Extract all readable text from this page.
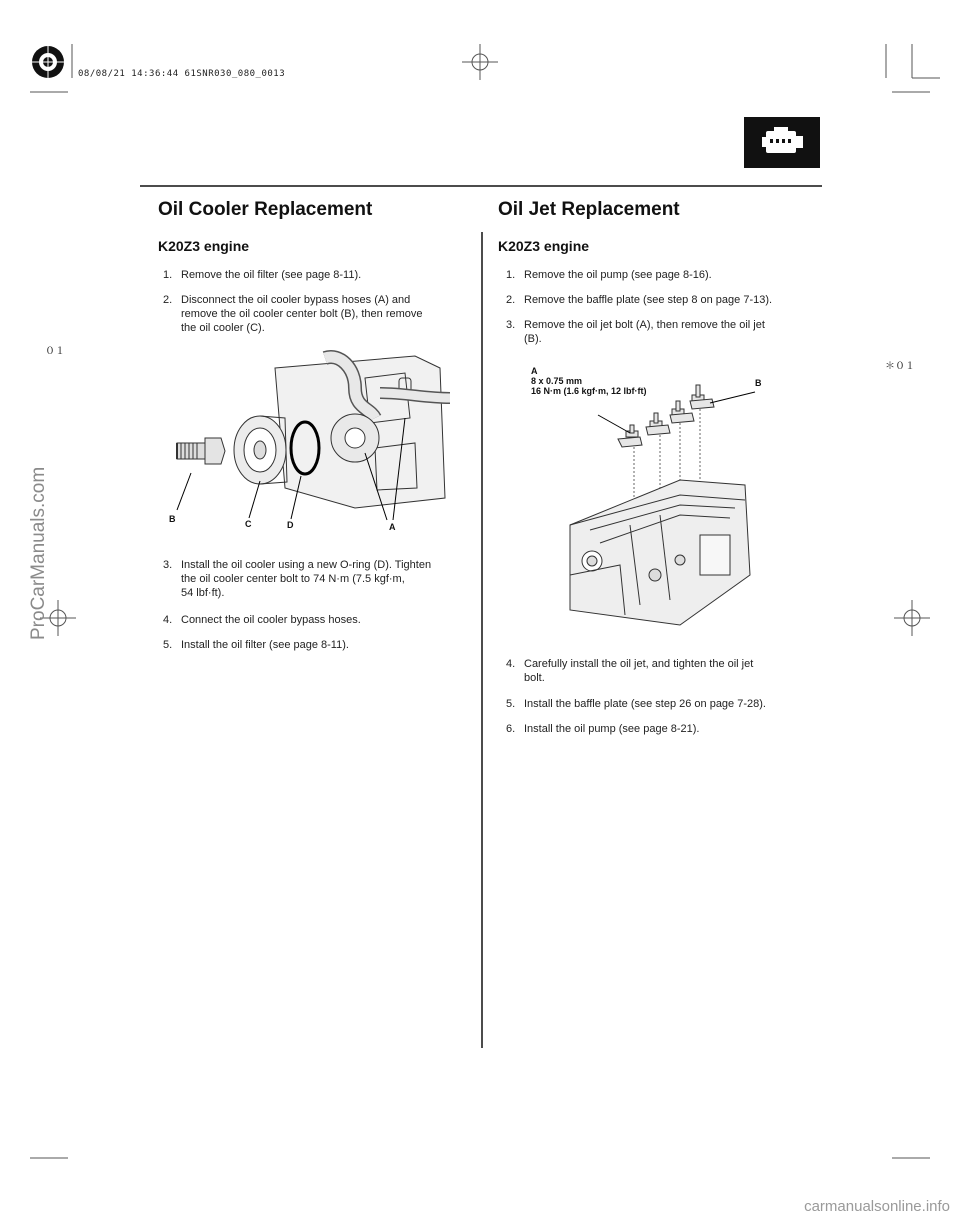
08/08/21 14:36:44 61SNR030_080_0013
０１
＊０１
Oil Cooler Replacement
K20Z3 engine
1. Remove the oil filter (see page 8-11).
2. Disconnect the oil cooler bypass hoses (A) and
remove the oil cooler center bolt (B), then remove
the oil cooler (C).
B	C	D	A
3. Install the oil cooler using a new O-ring (D). Tighten
the oil cooler center bolt to 74 N·m (7.5 kgf·m,
54 lbf·ft).
4. Connect the oil cooler bypass hoses.
5. Install the oil filter (see page 8-11).
Oil Jet Replacement
K20Z3 engine
1. Remove the oil pump (see page 8-16).
2. Remove the baffle plate (see step 8 on page 7-13).
3. Remove the oil jet bolt (A), then remove the oil jet
(B).
A
8 x 0.75 mm
16 N·m (1.6 kgf·m, 12 lbf·ft)
B
4. Carefully install the oil jet, and tighten the oil jet
bolt.
5. Install the baffle plate (see step 26 on page 7-28).
6. Install the oil pump (see page 8-21).
ProCarManuals.com
carmanualsonline.info
